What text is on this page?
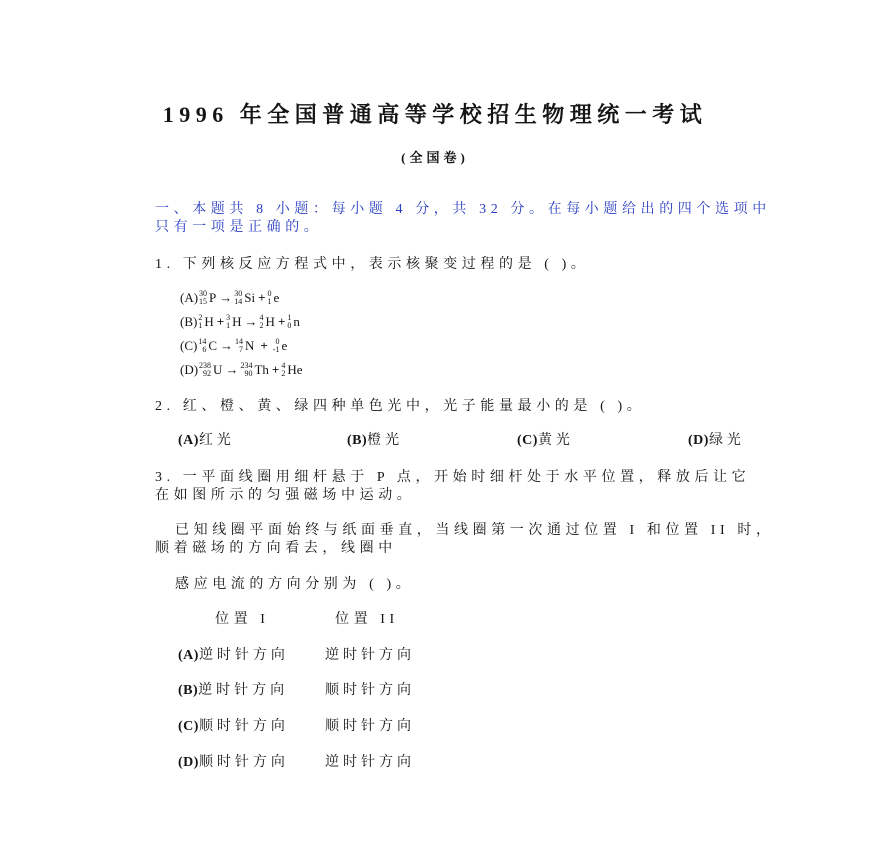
1996 年全国普通高等学校招生物理统一考试
(全国卷)
一、本题共 8 小题：每小题 4 分，共 32 分。在每小题给出的四个选项中
只有一项是正确的。
1. 下列核反应方程式中，表示核聚变过程的是 ( )。
(A) 30
15 P → 30
14 Si + 0
1 e
(B) 2
1 H + 3
1 H → 4
2 H + 1
0 n
(C) 14
6 C → 14
7 N + 0
-1 e
(D) 238
92 U → 234
90 Th + 4
2 He
2. 红、橙、黄、绿四种单色光中，光子能量最小的是 ( )。
(A)红光	(B)橙光	(C)黄光	(D)绿光
3. 一平面线圈用细杆悬于 P 点，开始时细杆处于水平位置，释放后让它
在如图所示的匀强磁场中运动。
已知线圈平面始终与纸面垂直，当线圈第一次通过位置 I 和位置 II 时，
顺着磁场的方向看去，线圈中
感应电流的方向分别为 ( )。
位置 I	位置 II
(A)逆时针方向	逆时针方向
(B)逆时针方向	顺时针方向
(C)顺时针方向	顺时针方向
(D)顺时针方向	逆时针方向
